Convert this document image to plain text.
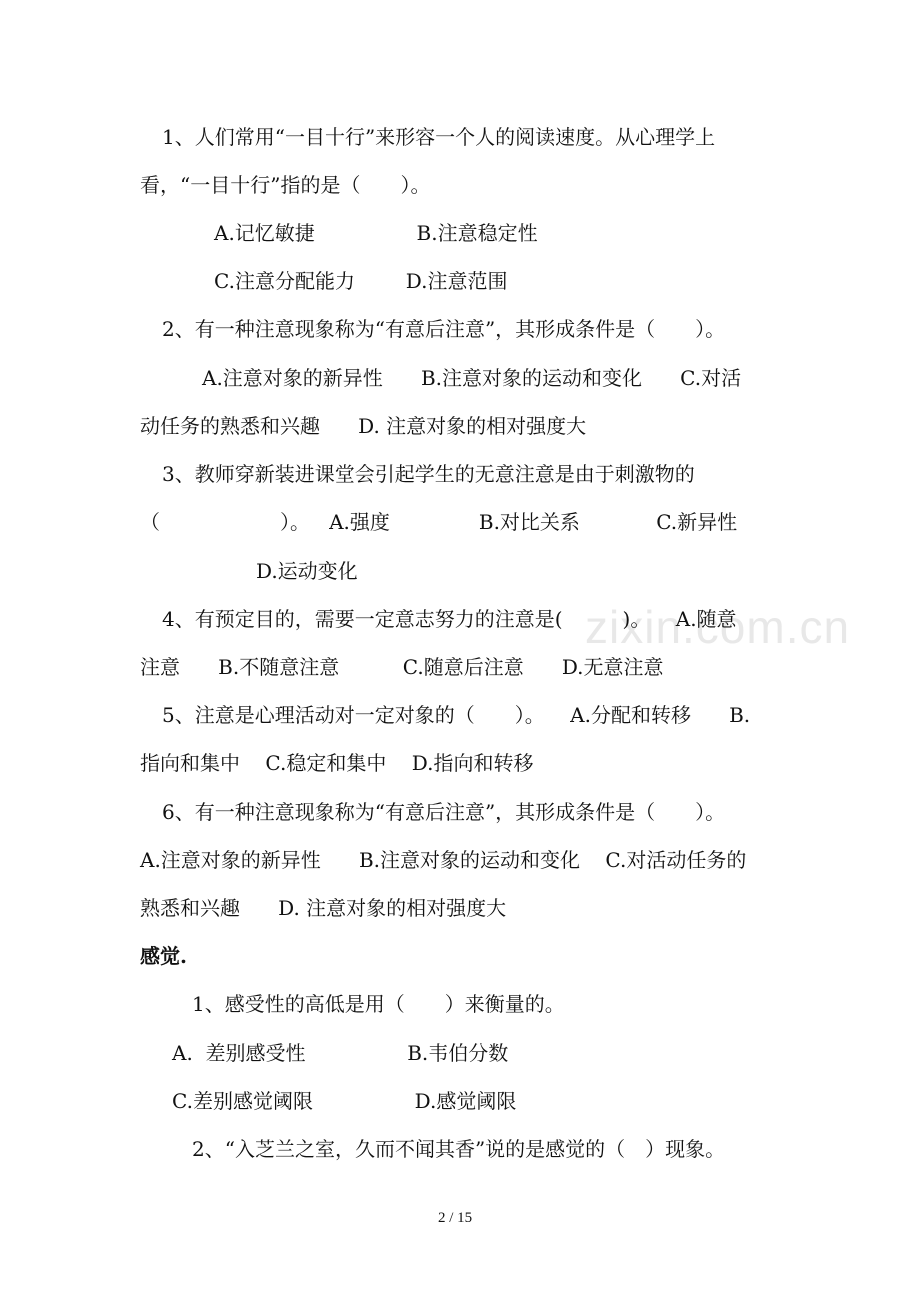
zixin.com.cn

1、人们常用“一目十行”来形容一个人的阅读速度。从心理学上

看，“一目十行”指的是（　　）。

A.记忆敏捷                B.注意稳定性

C.注意分配能力        D.注意范围

2、有一种注意现象称为“有意后注意”，其形成条件是（　　）。

A.注意对象的新异性      B.注意对象的运动和变化      C.对活

动任务的熟悉和兴趣      D. 注意对象的相对强度大

3、教师穿新装进课堂会引起学生的无意注意是由于刺激物的

（　　　　　　）。   A.强度              B.对比关系            C.新异性

D.运动变化

4、有预定目的，需要一定意志努力的注意是(　　　)。    A.随意

注意      B.不随意注意          C.随意后注意      D.无意注意

5、注意是心理活动对一定对象的（　　）。    A.分配和转移      B.

指向和集中    C.稳定和集中    D.指向和转移

6、有一种注意现象称为“有意后注意”，其形成条件是（　　）。

A.注意对象的新异性      B.注意对象的运动和变化    C.对活动任务的

熟悉和兴趣      D. 注意对象的相对强度大

感觉.

1、感受性的高低是用（　　）来衡量的。

A.  差别感受性                B.韦伯分数

C.差别感觉阈限                D.感觉阈限

2、“入芝兰之室，久而不闻其香”说的是感觉的（　）现象。

2 / 15
